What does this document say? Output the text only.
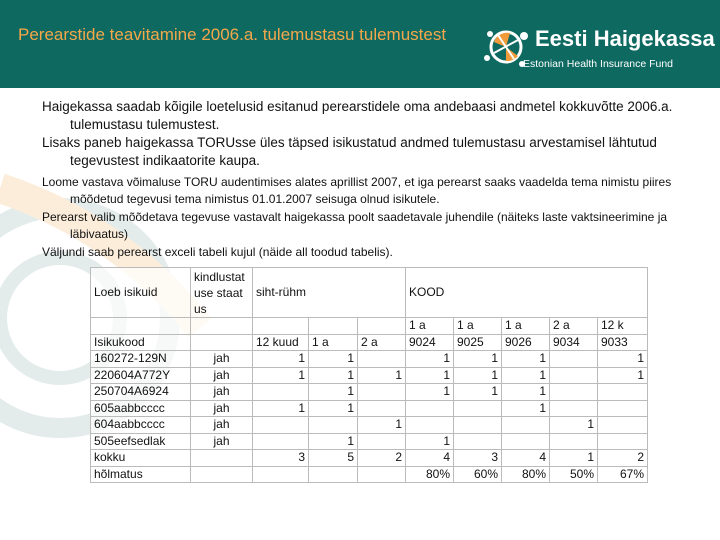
Perearstide teavitamine 2006.a. tulemustasu tulemustest	Eesti Haigekassa
Estonian Health Insurance Fund

Haigekassa saadab kõigile loetelusid esitanud perearstidele oma andebaasi andmetel kokkuvõtte 2006.a. tulemustasu tulemustest.

Lisaks paneb haigekassa TORUsse üles täpsed isikustatud andmed tulemustasu arvestamisel lähtutud tegevustest indikaatorite kaupa.

Loome vastava võimaluse TORU audentimises alates aprillist 2007, et iga perearst saaks vaadelda tema nimistu piires mõõdetud tegevusi tema nimistus 01.01.2007 seisuga olnud isikutele.

Perearst valib mõõdetava tegevuse vastavalt haigekassa poolt saadetavale juhendile (näiteks laste vaktsineerimine ja läbivaatus)

Väljundi saab perearst exceli tabeli kujul (näide all toodud tabelis).

Loeb isikuid	kindlustatuse staatus	siht-rühm			KOOD				
					1 a	1 a	1 a	2 a	12 k
Isikukood		12 kuud	1 a	2 a	9024	9025	9026	9034	9033
160272-129N	jah	1	1		1	1	1		1
220604A772Y	jah	1	1	1	1	1	1		1
250704A6924	jah		1		1	1	1		
605aabbcccc	jah	1	1				1		
604aabbcccc	jah			1				1	
505eefsedlak	jah		1		1				
kokku		3	5	2	4	3	4	1	2
hõlmatus					80%	60%	80%	50%	67%
